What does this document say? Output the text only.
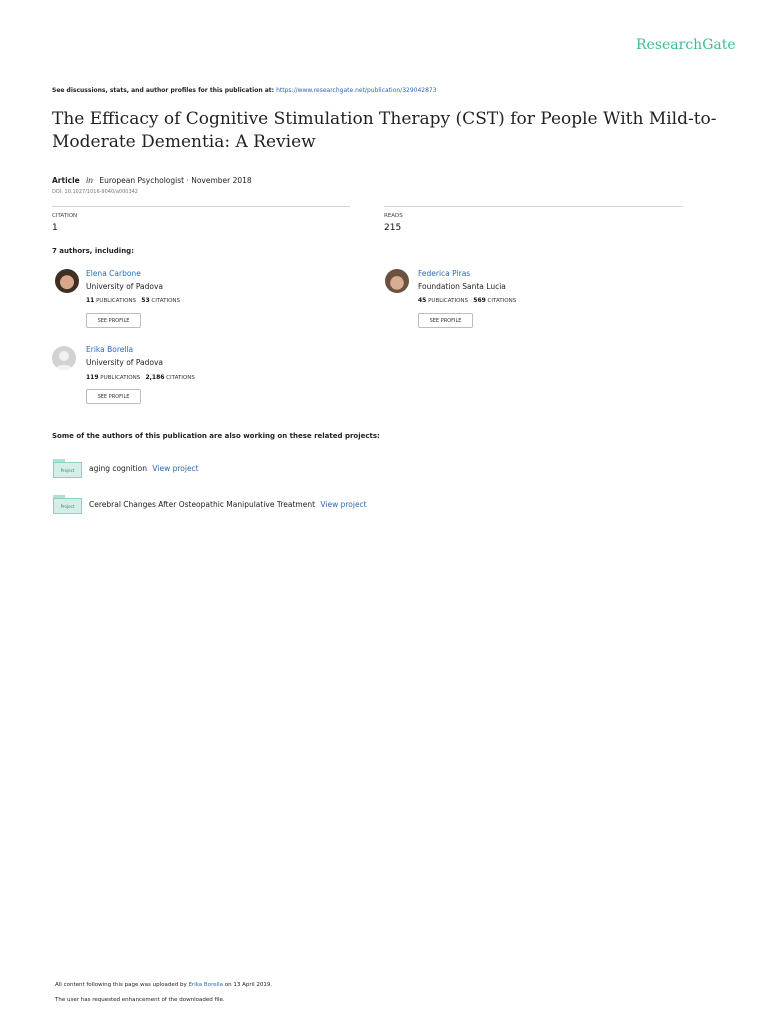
ResearchGate
See discussions, stats, and author profiles for this publication at: https://www.researchgate.net/publication/329042873
The Efficacy of Cognitive Stimulation Therapy (CST) for People With Mild-to-Moderate Dementia: A Review
Article in European Psychologist · November 2018
DOI: 10.1027/1016-9040/a000342
CITATION
1
READS
215
7 authors, including:
Elena Carbone
University of Padova
11 PUBLICATIONS 53 CITATIONS
SEE PROFILE
Federica Piras
Foundation Santa Lucia
45 PUBLICATIONS 569 CITATIONS
SEE PROFILE
Erika Borella
University of Padova
119 PUBLICATIONS 2,186 CITATIONS
SEE PROFILE
Some of the authors of this publication are also working on these related projects:
Project	aging cognition View project
Project	Cerebral Changes After Osteopathic Manipulative Treatment View project
All content following this page was uploaded by Erika Borella on 13 April 2019.
The user has requested enhancement of the downloaded file.
